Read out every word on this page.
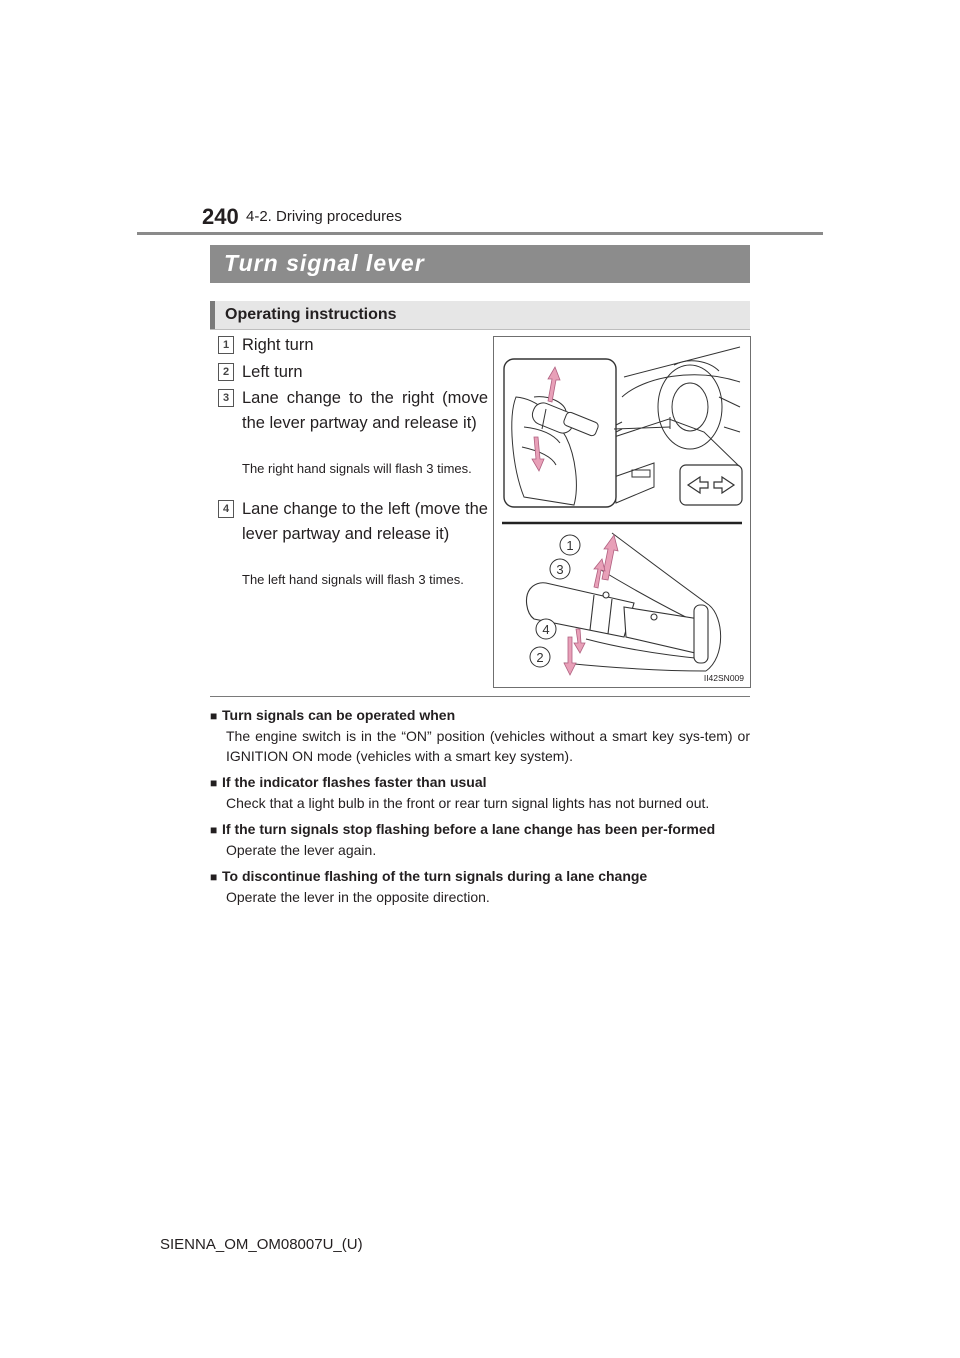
240 4-2. Driving procedures
Turn signal lever
Operating instructions
1 Right turn
2 Left turn
3 Lane change to the right (move the lever partway and release it)
The right hand signals will flash 3 times.
4 Lane change to the left (move the lever partway and release it)
The left hand signals will flash 3 times.
1
3
4
2
II42SN009
■ Turn signals can be operated when
The engine switch is in the “ON” position (vehicles without a smart key sys-tem) or IGNITION ON mode (vehicles with a smart key system).
■ If the indicator flashes faster than usual
Check that a light bulb in the front or rear turn signal lights has not burned out.
■ If the turn signals stop flashing before a lane change has been per-formed
Operate the lever again.
■ To discontinue flashing of the turn signals during a lane change
Operate the lever in the opposite direction.
SIENNA_OM_OM08007U_(U)
